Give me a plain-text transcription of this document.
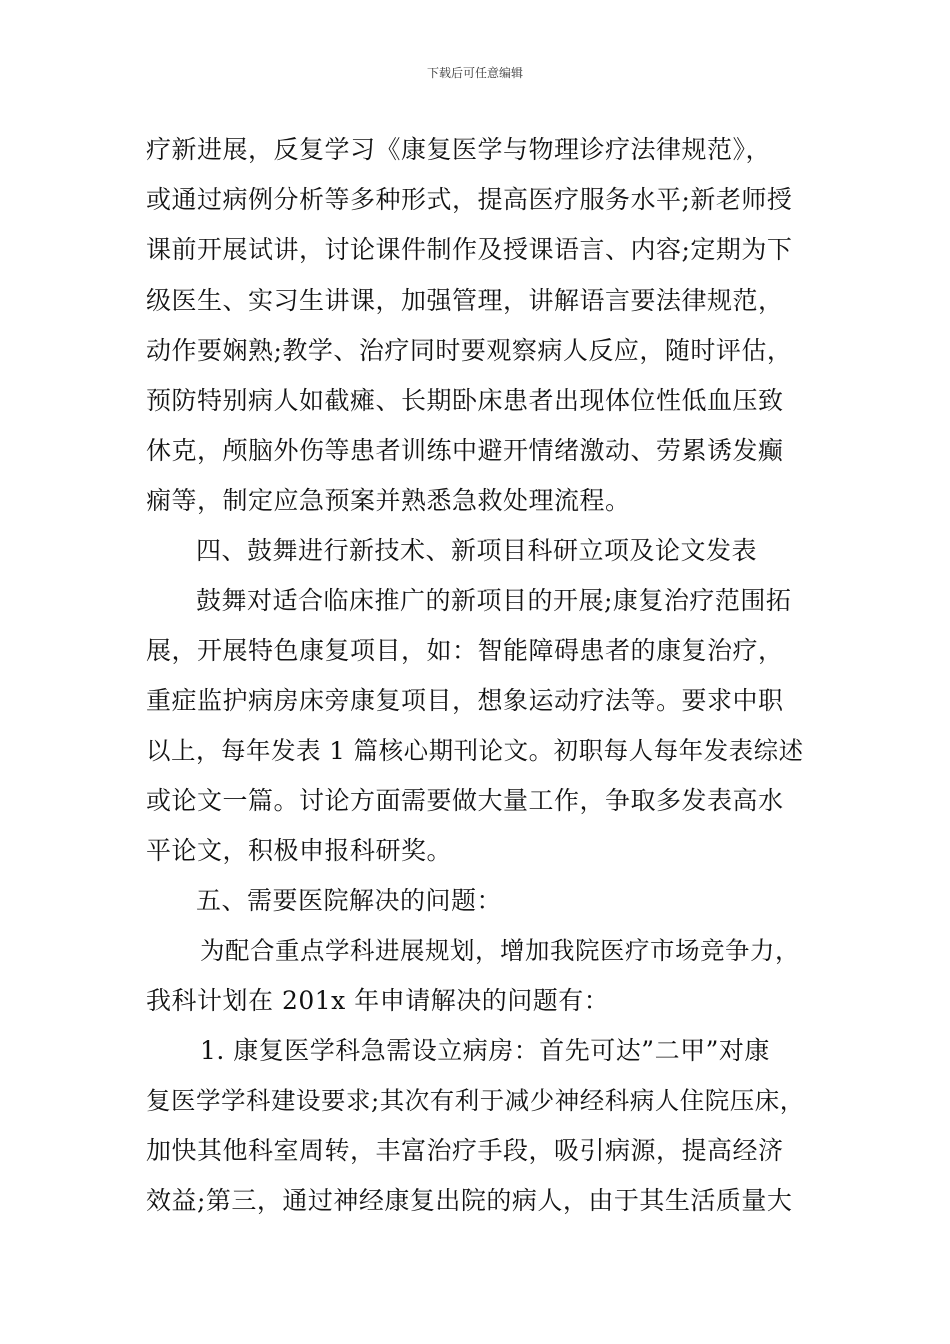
下载后可任意编辑
疗新进展，反复学习《康复医学与物理诊疗法律规范》，
或通过病例分析等多种形式，提高医疗服务水平;新老师授
课前开展试讲，讨论课件制作及授课语言、内容;定期为下
级医生、实习生讲课，加强管理，讲解语言要法律规范，
动作要娴熟;教学、治疗同时要观察病人反应，随时评估，
预防特别病人如截瘫、长期卧床患者出现体位性低血压致
休克，颅脑外伤等患者训练中避开情绪激动、劳累诱发癫
痫等，制定应急预案并熟悉急救处理流程。
四、鼓舞进行新技术、新项目科研立项及论文发表
鼓舞对适合临床推广的新项目的开展;康复治疗范围拓
展，开展特色康复项目，如：智能障碍患者的康复治疗，
重症监护病房床旁康复项目，想象运动疗法等。要求中职
以上，每年发表 1 篇核心期刊论文。初职每人每年发表综述
或论文一篇。讨论方面需要做大量工作，争取多发表高水
平论文，积极申报科研奖。
五、需要医院解决的问题：
为配合重点学科进展规划，增加我院医疗市场竞争力，
我科计划在 201x 年申请解决的问题有：
1. 康复医学科急需设立病房：首先可达”二甲”对康
复医学学科建设要求;其次有利于减少神经科病人住院压床，
加快其他科室周转，丰富治疗手段，吸引病源，提高经济
效益;第三，通过神经康复出院的病人，由于其生活质量大
